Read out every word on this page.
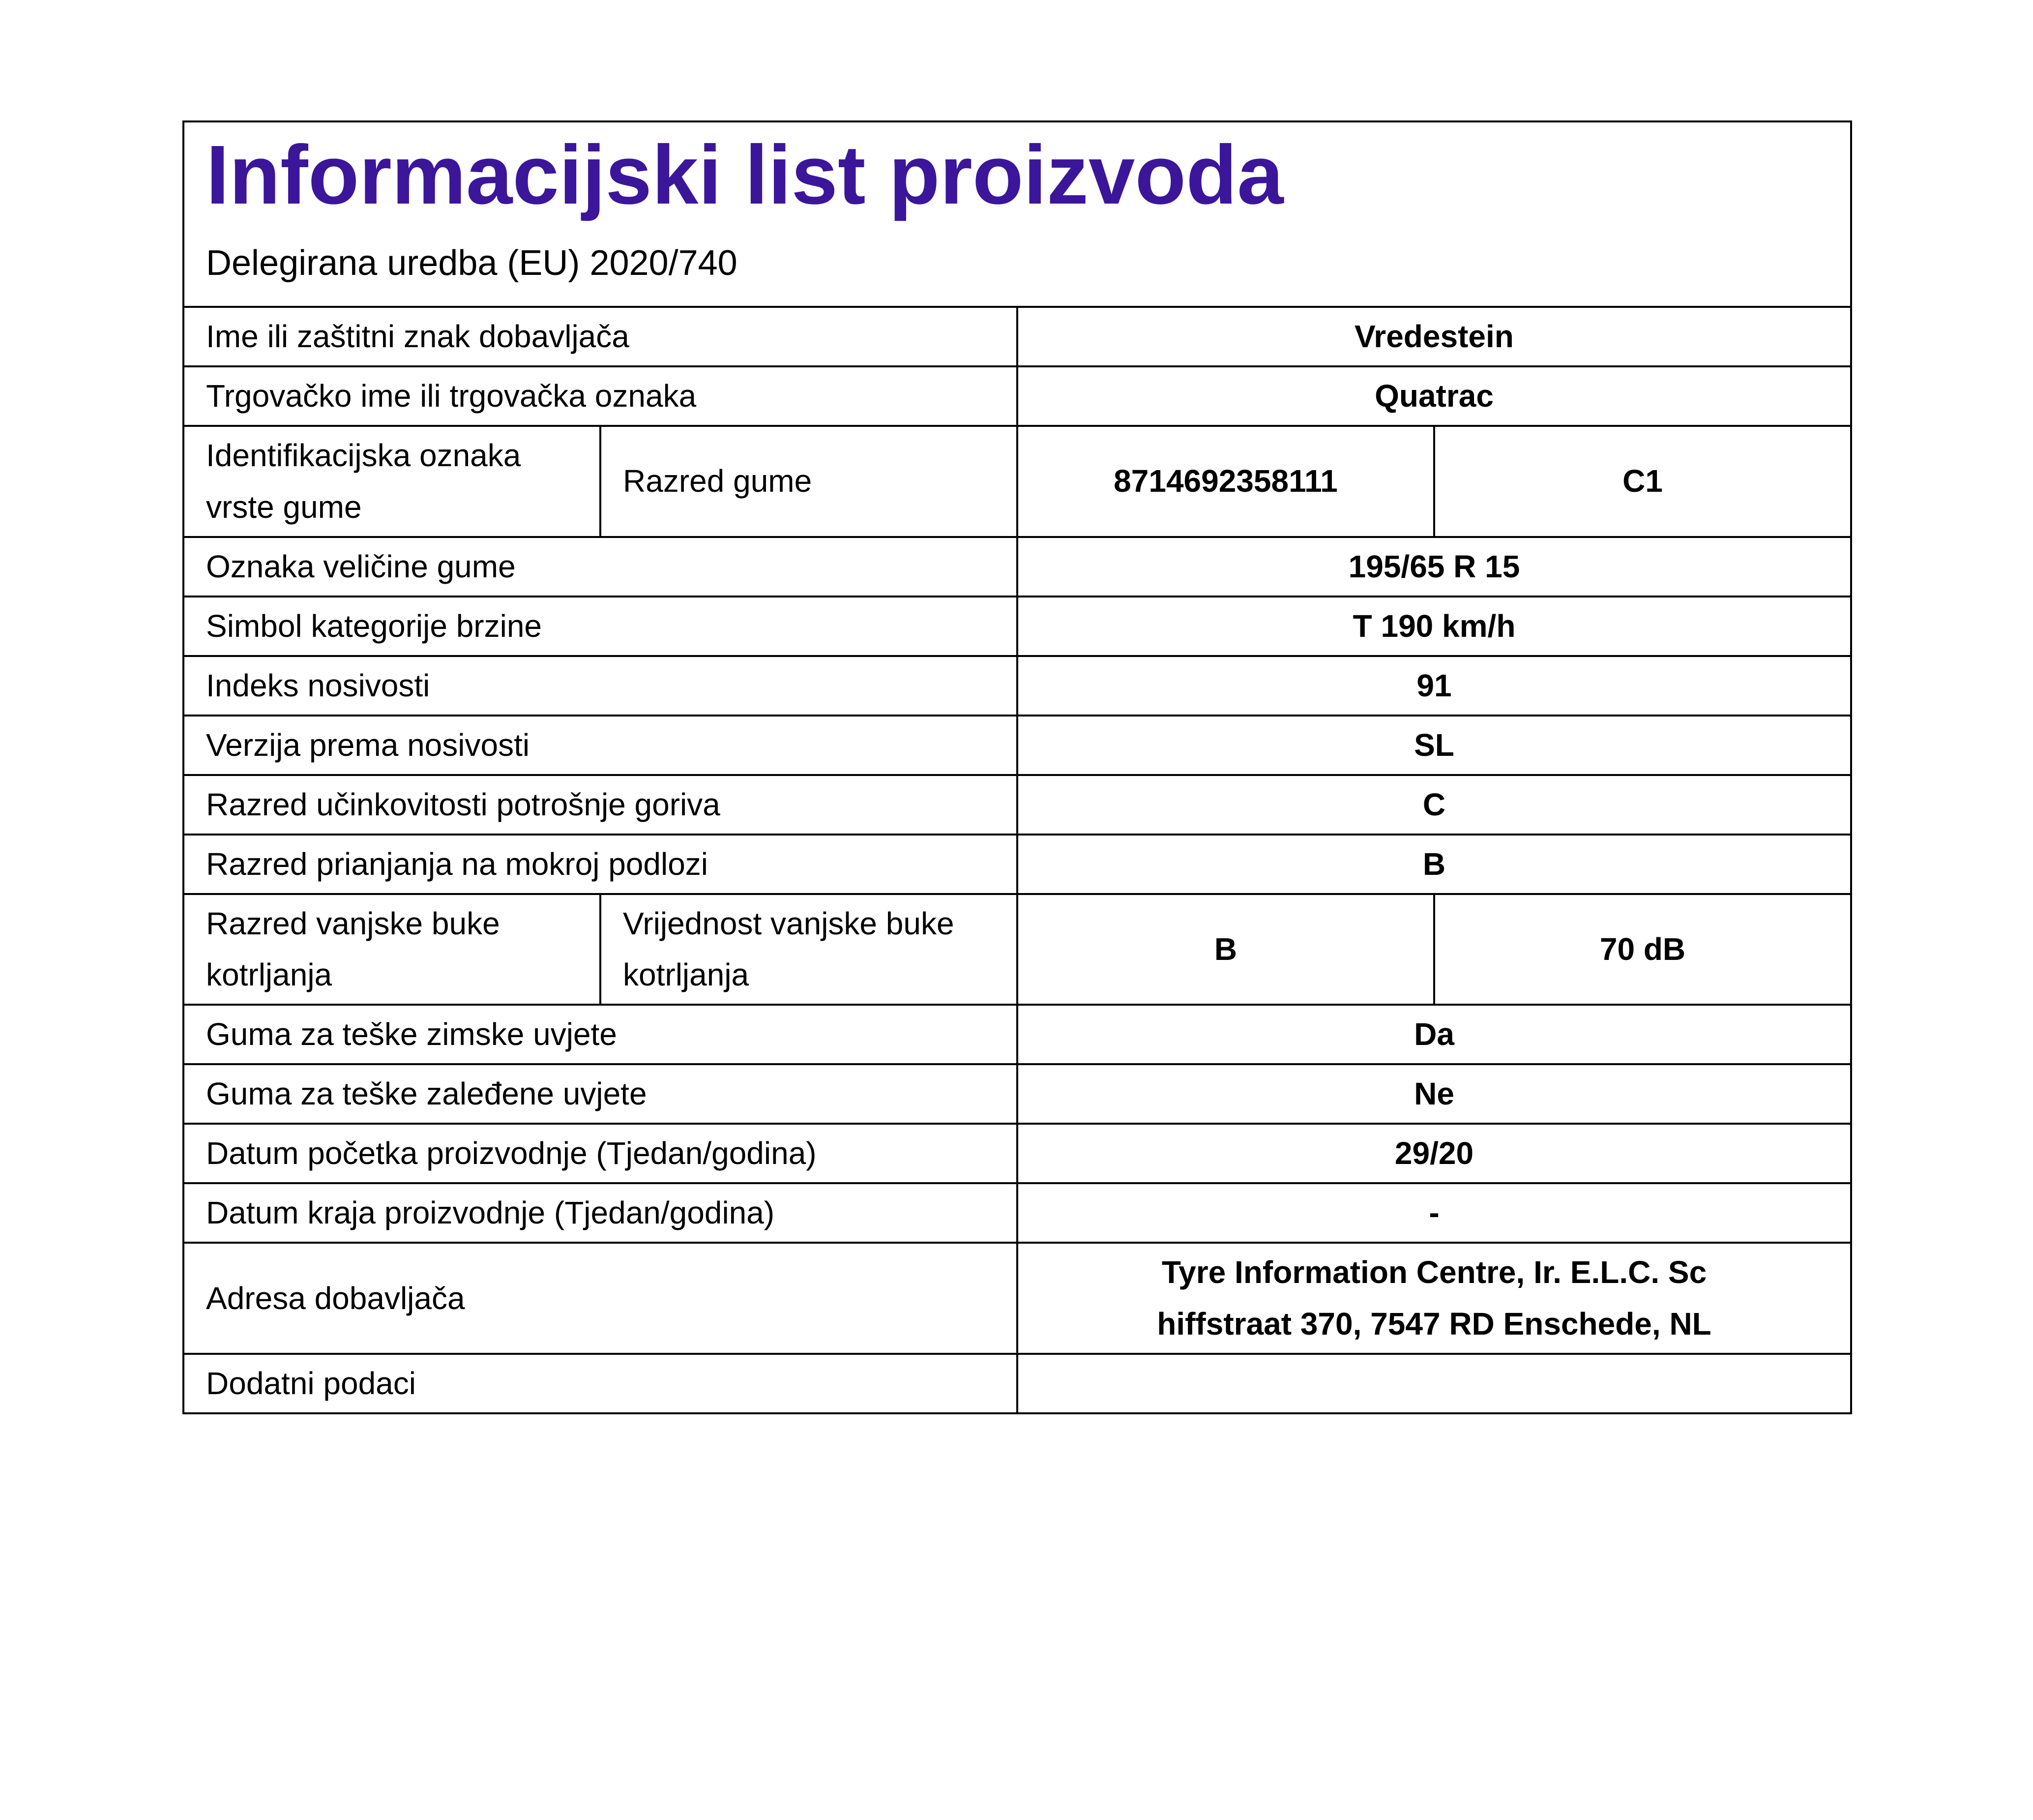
Informacijski list proizvoda
Delegirana uredba (EU) 2020/740			

Ime ili zaštitni znak dobavljača		Vredestein	
Trgovačko ime ili trgovačka oznaka		Quatrac	
Identifikacijska oznaka vrste gume	Razred gume	8714692358111	C1
Oznaka veličine gume		195/65 R 15	
Simbol kategorije brzine		T 190 km/h	
Indeks nosivosti		91	
Verzija prema nosivosti		SL	
Razred učinkovitosti potrošnje goriva		C	
Razred prianjanja na mokroj podlozi		B	
Razred vanjske buke kotrljanja	Vrijednost vanjske buke kotrljanja	B	70 dB
Guma za teške zimske uvjete		Da	
Guma za teške zaleđene uvjete		Ne	
Datum početka proizvodnje (Tjedan/godina)		29/20	
Datum kraja proizvodnje (Tjedan/godina)		-	
Adresa dobavljača		Tyre Information Centre, Ir. E.L.C. Sc
hiffstraat 370, 7547 RD Enschede, NL	

Dodatni podaci			
